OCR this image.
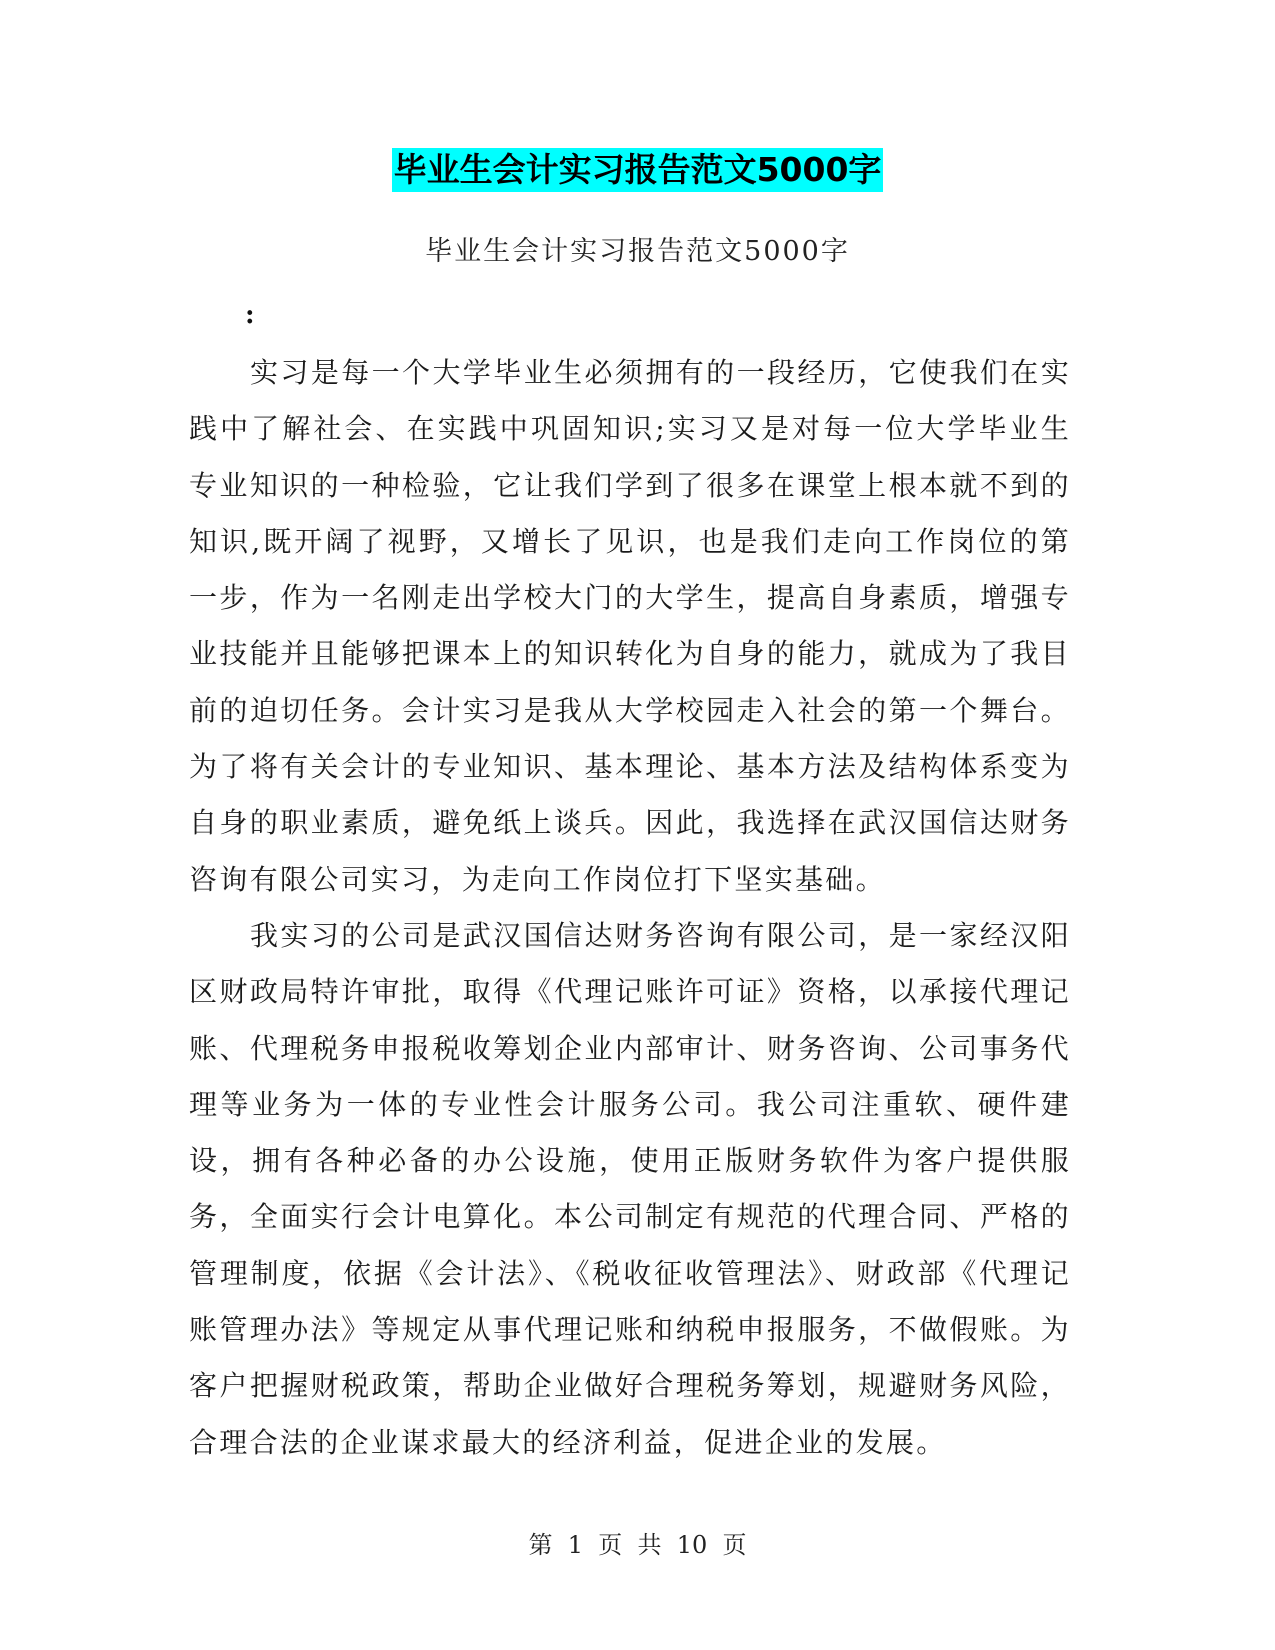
毕业生会计实习报告范文5000字
毕业生会计实习报告范文5000字
:

实习是每一个大学毕业生必须拥有的一段经历，它使我们在实践中了解社会、在实践中巩固知识;实习又是对每一位大学毕业生专业知识的一种检验，它让我们学到了很多在课堂上根本就不到的知识,既开阔了视野，又增长了见识，也是我们走向工作岗位的第一步，作为一名刚走出学校大门的大学生，提高自身素质，增强专业技能并且能够把课本上的知识转化为自身的能力，就成为了我目前的迫切任务。会计实习是我从大学校园走入社会的第一个舞台。为了将有关会计的专业知识、基本理论、基本方法及结构体系变为自身的职业素质，避免纸上谈兵。因此，我选择在武汉国信达财务咨询有限公司实习，为走向工作岗位打下坚实基础。

我实习的公司是武汉国信达财务咨询有限公司，是一家经汉阳区财政局特许审批，取得《代理记账许可证》资格，以承接代理记账、代理税务申报税收筹划企业内部审计、财务咨询、公司事务代理等业务为一体的专业性会计服务公司。我公司注重软、硬件建设，拥有各种必备的办公设施，使用正版财务软件为客户提供服务，全面实行会计电算化。本公司制定有规范的代理合同、严格的管理制度，依据《会计法》、《税收征收管理法》、财政部《代理记账管理办法》等规定从事代理记账和纳税申报服务，不做假账。为客户把握财税政策，帮助企业做好合理税务筹划，规避财务风险，合理合法的企业谋求最大的经济利益，促进企业的发展。

第  1  页  共  10  页
